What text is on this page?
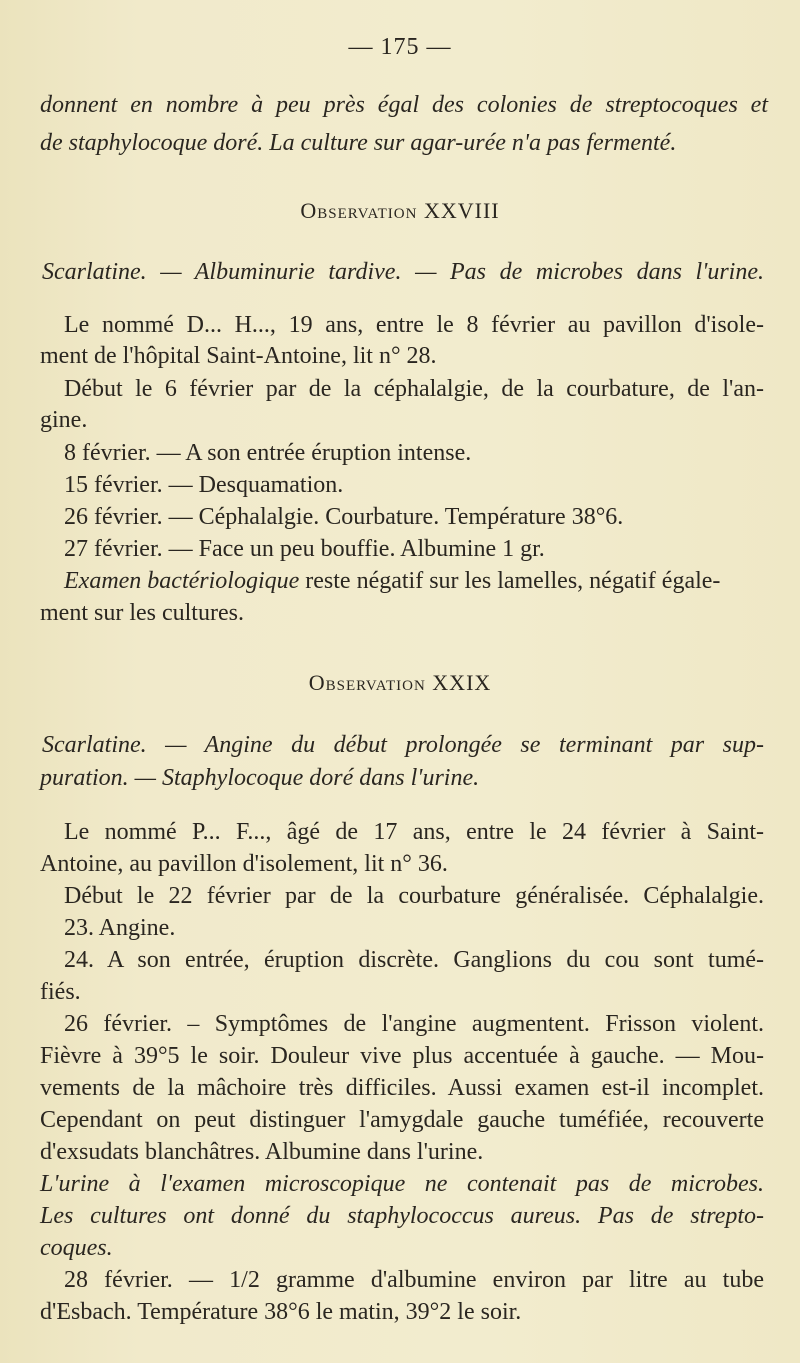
— 175 —
donnent en nombre à peu près égal des colonies de streptocoques et
de staphylocoque doré. La culture sur agar-urée n'a pas fermenté.
Observation XXVIII
Scarlatine. — Albuminurie tardive. — Pas de microbes dans l'urine.
Le nommé D... H..., 19 ans, entre le 8 février au pavillon d'isole-
ment de l'hôpital Saint-Antoine, lit n° 28.
Début le 6 février par de la céphalalgie, de la courbature, de l'an-
gine.
8 février. — A son entrée éruption intense.
15 février. — Desquamation.
26 février. — Céphalalgie. Courbature. Température 38°6.
27 février. — Face un peu bouffie. Albumine 1 gr.
Examen bactériologique reste négatif sur les lamelles, négatif égale-
ment sur les cultures.
Observation XXIX
Scarlatine. — Angine du début prolongée se terminant par sup-
puration. — Staphylocoque doré dans l'urine.
Le nommé P... F..., âgé de 17 ans, entre le 24 février à Saint-
Antoine, au pavillon d'isolement, lit n° 36.
Début le 22 février par de la courbature généralisée. Céphalalgie.
23. Angine.
24. A son entrée, éruption discrète. Ganglions du cou sont tumé-
fiés.
26 février. – Symptômes de l'angine augmentent. Frisson violent.
Fièvre à 39°5 le soir. Douleur vive plus accentuée à gauche. — Mou-
vements de la mâchoire très difficiles. Aussi examen est-il incomplet.
Cependant on peut distinguer l'amygdale gauche tuméfiée, recouverte
d'exsudats blanchâtres. Albumine dans l'urine.
L'urine à l'examen microscopique ne contenait pas de microbes.
Les cultures ont donné du staphylococcus aureus. Pas de strepto-
coques.
28 février. — 1/2 gramme d'albumine environ par litre au tube
d'Esbach. Température 38°6 le matin, 39°2 le soir.
